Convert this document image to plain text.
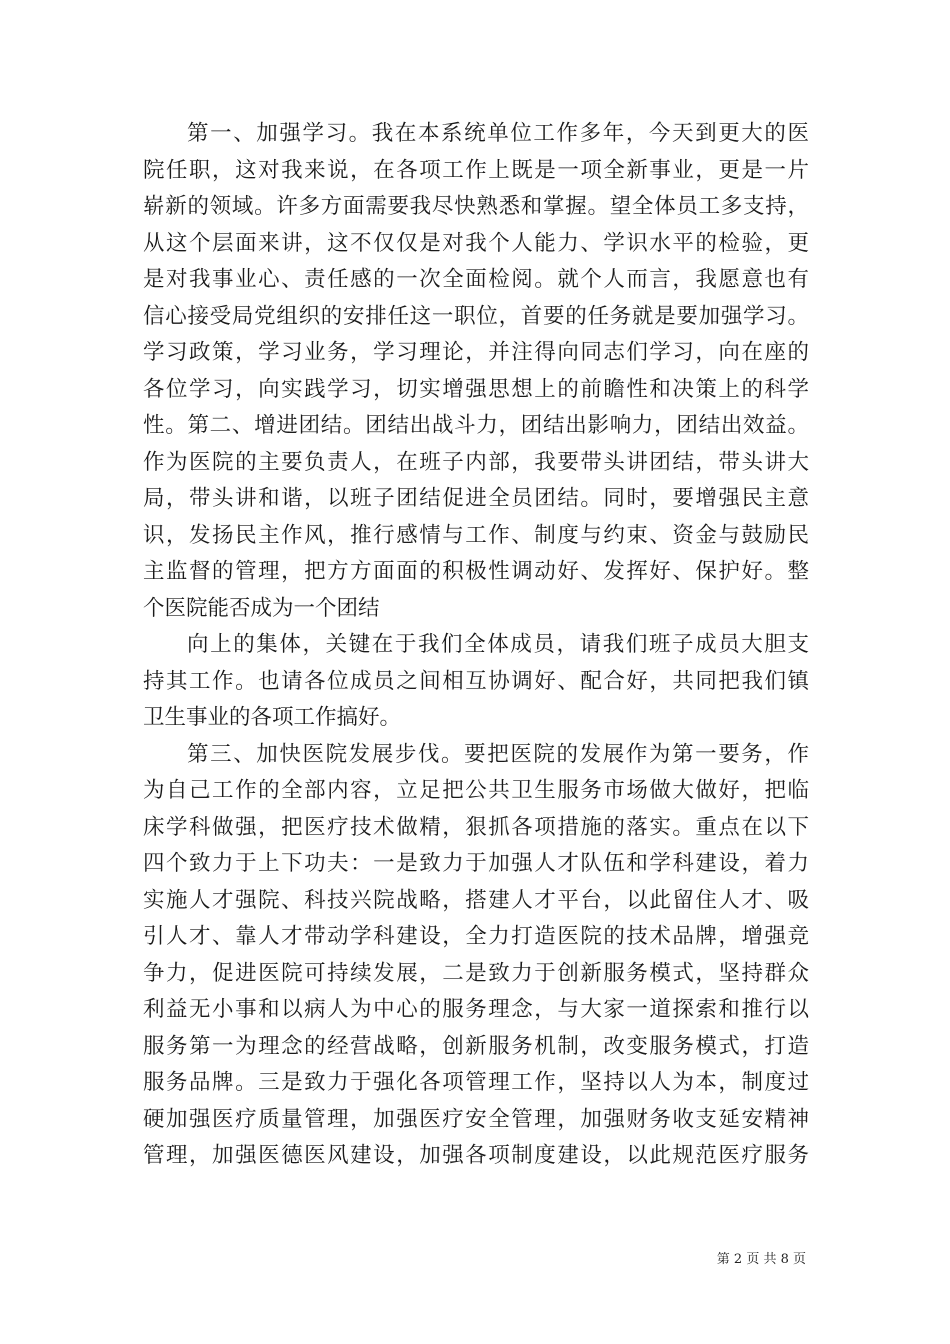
第一、加强学习。我在本系统单位工作多年，今天到更大的医
院任职，这对我来说，在各项工作上既是一项全新事业，更是一片
崭新的领域。许多方面需要我尽快熟悉和掌握。望全体员工多支持，
从这个层面来讲，这不仅仅是对我个人能力、学识水平的检验，更
是对我事业心、责任感的一次全面检阅。就个人而言，我愿意也有
信心接受局党组织的安排任这一职位，首要的任务就是要加强学习。
学习政策，学习业务，学习理论，并注得向同志们学习，向在座的
各位学习，向实践学习，切实增强思想上的前瞻性和决策上的科学
性。第二、增进团结。团结出战斗力，团结出影响力，团结出效益。
作为医院的主要负责人，在班子内部，我要带头讲团结，带头讲大
局，带头讲和谐，以班子团结促进全员团结。同时，要增强民主意
识，发扬民主作风，推行感情与工作、制度与约束、资金与鼓励民
主监督的管理，把方方面面的积极性调动好、发挥好、保护好。整
个医院能否成为一个团结
向上的集体，关键在于我们全体成员，请我们班子成员大胆支
持其工作。也请各位成员之间相互协调好、配合好，共同把我们镇
卫生事业的各项工作搞好。
第三、加快医院发展步伐。要把医院的发展作为第一要务，作
为自己工作的全部内容，立足把公共卫生服务市场做大做好，把临
床学科做强，把医疗技术做精，狠抓各项措施的落实。重点在以下
四个致力于上下功夫：一是致力于加强人才队伍和学科建设，着力
实施人才强院、科技兴院战略，搭建人才平台，以此留住人才、吸
引人才、靠人才带动学科建设，全力打造医院的技术品牌，增强竞
争力，促进医院可持续发展，二是致力于创新服务模式，坚持群众
利益无小事和以病人为中心的服务理念，与大家一道探索和推行以
服务第一为理念的经营战略，创新服务机制，改变服务模式，打造
服务品牌。三是致力于强化各项管理工作，坚持以人为本，制度过
硬加强医疗质量管理，加强医疗安全管理，加强财务收支延安精神
管理，加强医德医风建设，加强各项制度建设，以此规范医疗服务
第 2 页 共 8 页
